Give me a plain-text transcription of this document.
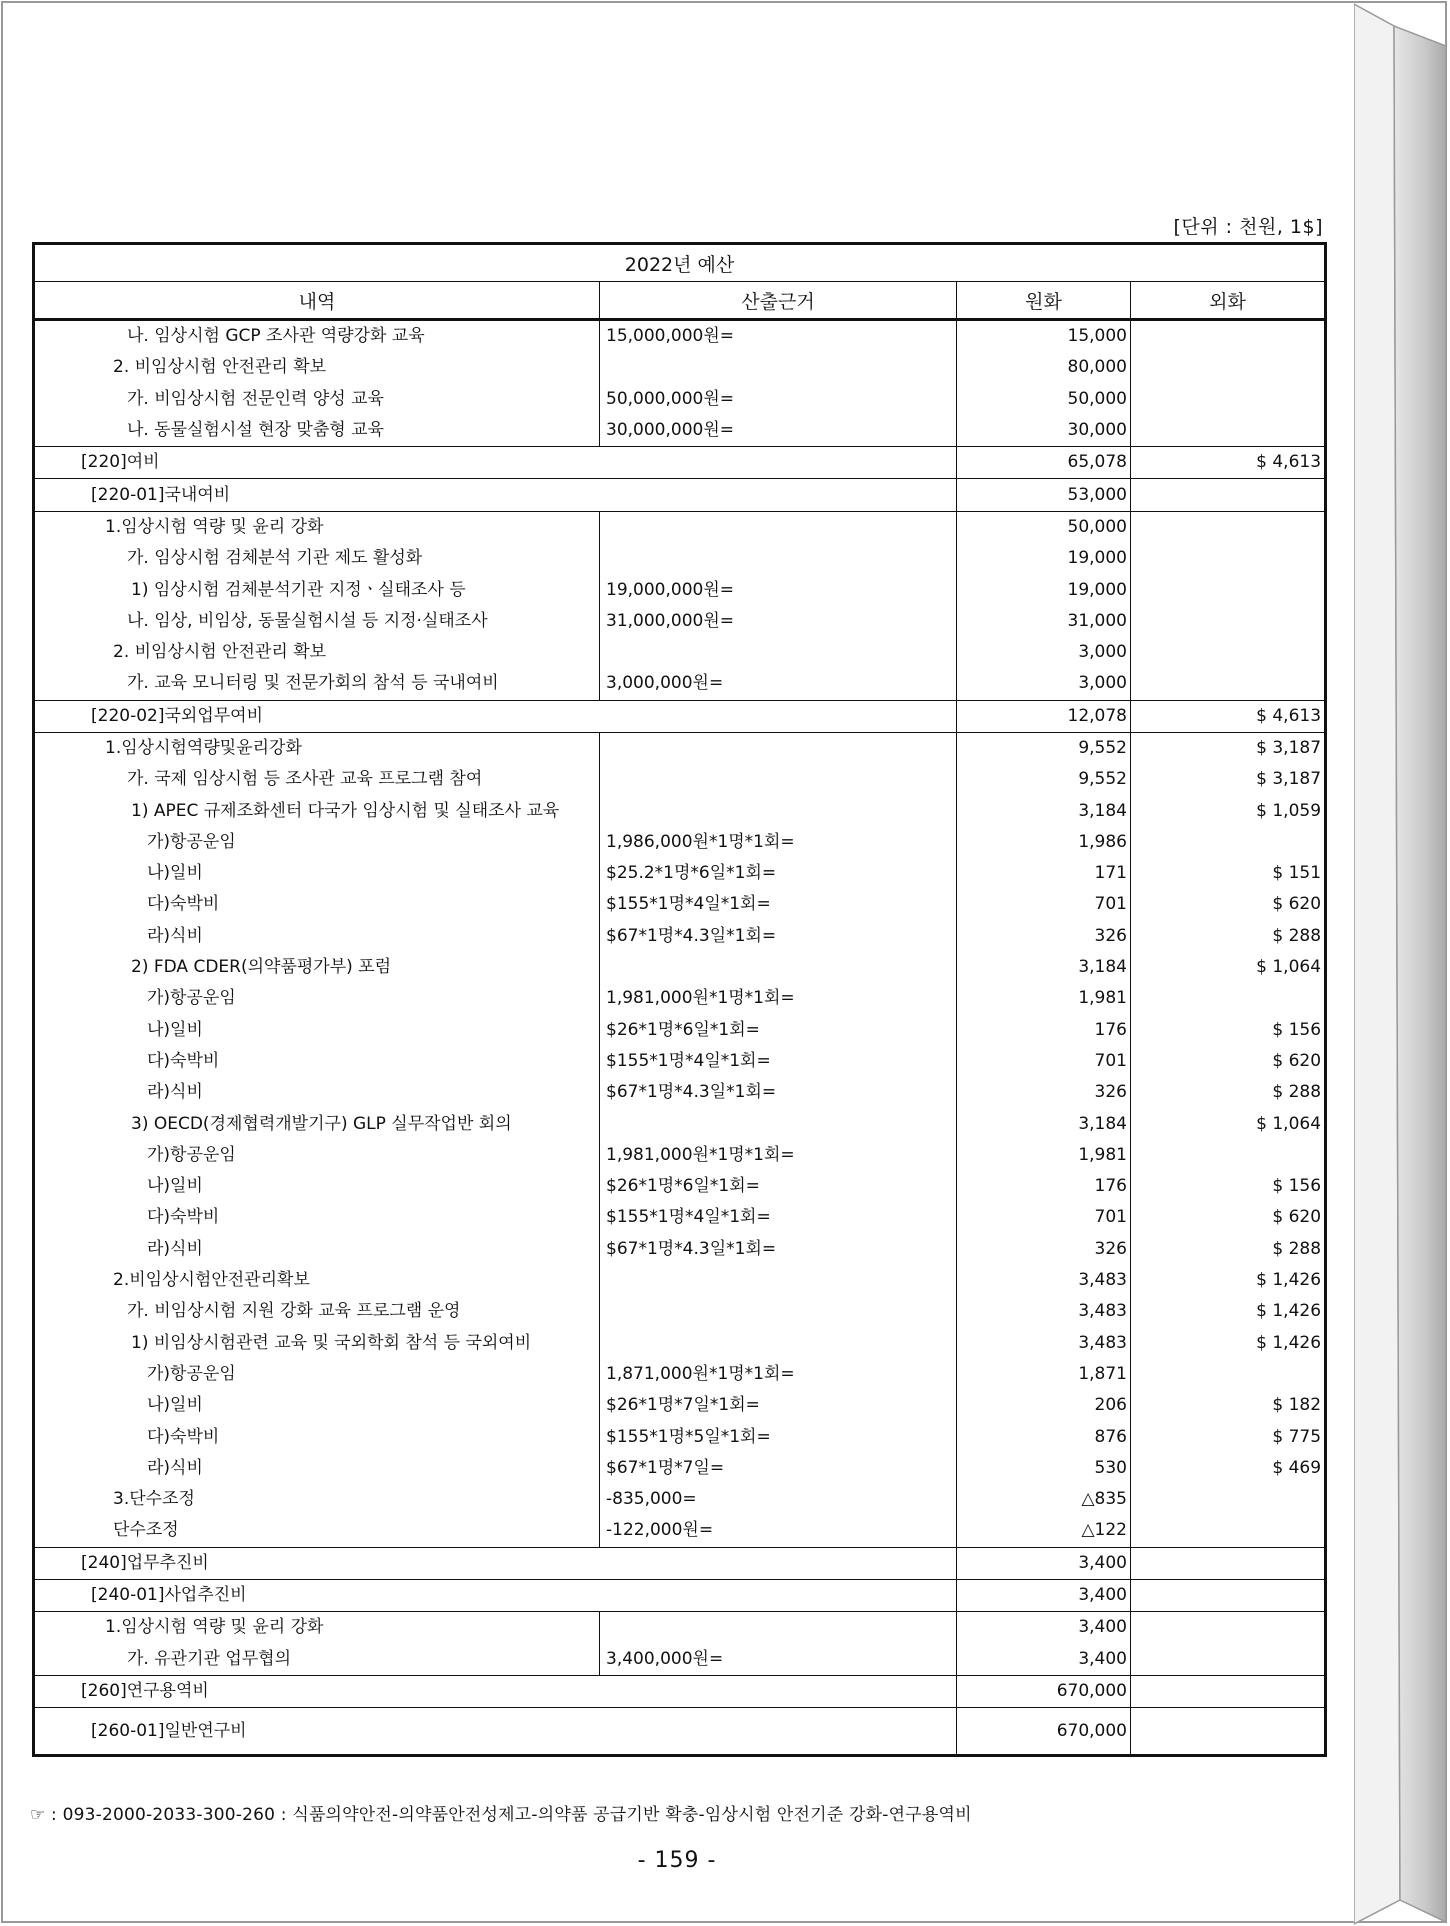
[단위 : 천원, 1$]
2022년 예산			
내역	산출근거	원화	외화
나. 임상시험 GCP 조사관 역량강화 교육	15,000,000원=	15,000	
2. 비임상시험 안전관리 확보		80,000	
가. 비임상시험 전문인력 양성 교육	50,000,000원=	50,000	
나. 동물실험시설 현장 맞춤형 교육	30,000,000원=	30,000	
[220]여비		65,078	$ 4,613
[220-01]국내여비		53,000	
1.임상시험 역량 및 윤리 강화		50,000	
가. 임상시험 검체분석 기관 제도 활성화		19,000	
1) 임상시험 검체분석기관 지정ㆍ실태조사 등	19,000,000원=	19,000	
나. 임상, 비임상, 동물실험시설 등 지정·실태조사	31,000,000원=	31,000	
2. 비임상시험 안전관리 확보		3,000	
가. 교육 모니터링 및 전문가회의 참석 등 국내여비	3,000,000원=	3,000	
[220-02]국외업무여비		12,078	$ 4,613
1.임상시험역량및윤리강화		9,552	$ 3,187
가. 국제 임상시험 등 조사관 교육 프로그램 참여		9,552	$ 3,187
1) APEC 규제조화센터 다국가 임상시험 및 실태조사 교육		3,184	$ 1,059
가)항공운임	1,986,000원*1명*1회=	1,986	
나)일비	$25.2*1명*6일*1회=	171	$ 151
다)숙박비	$155*1명*4일*1회=	701	$ 620
라)식비	$67*1명*4.3일*1회=	326	$ 288
2) FDA CDER(의약품평가부) 포럼		3,184	$ 1,064
가)항공운임	1,981,000원*1명*1회=	1,981	
나)일비	$26*1명*6일*1회=	176	$ 156
다)숙박비	$155*1명*4일*1회=	701	$ 620
라)식비	$67*1명*4.3일*1회=	326	$ 288
3) OECD(경제협력개발기구) GLP 실무작업반 회의		3,184	$ 1,064
가)항공운임	1,981,000원*1명*1회=	1,981	
나)일비	$26*1명*6일*1회=	176	$ 156
다)숙박비	$155*1명*4일*1회=	701	$ 620
라)식비	$67*1명*4.3일*1회=	326	$ 288
2.비임상시험안전관리확보		3,483	$ 1,426
가. 비임상시험 지원 강화 교육 프로그램 운영		3,483	$ 1,426
1) 비임상시험관련 교육 및 국외학회 참석 등 국외여비		3,483	$ 1,426
가)항공운임	1,871,000원*1명*1회=	1,871	
나)일비	$26*1명*7일*1회=	206	$ 182
다)숙박비	$155*1명*5일*1회=	876	$ 775
라)식비	$67*1명*7일=	530	$ 469
3.단수조정	-835,000=	△835	
단수조정	-122,000원=	△122	
[240]업무추진비		3,400	
[240-01]사업추진비		3,400	
1.임상시험 역량 및 윤리 강화		3,400	
가. 유관기관 업무협의	3,400,000원=	3,400	
[260]연구용역비		670,000	
[260-01]일반연구비		670,000	
☞ : 093-2000-2033-300-260 : 식품의약안전-의약품안전성제고-의약품 공급기반 확충-임상시험 안전기준 강화-연구용역비
- 159 -
